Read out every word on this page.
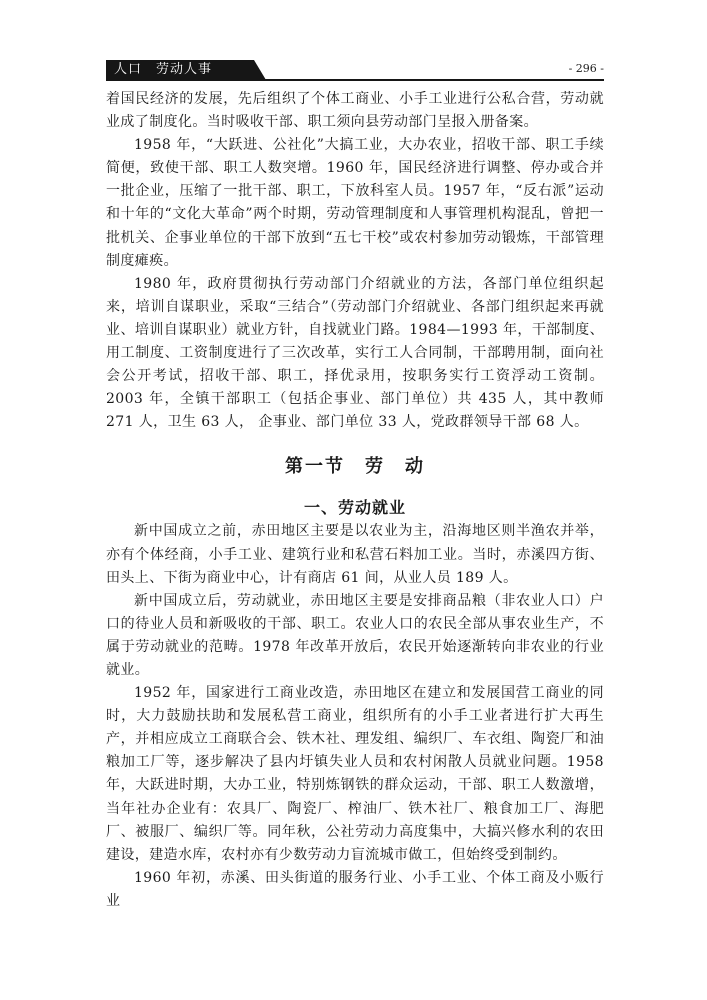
人口　劳动人事	- 296 -

着国民经济的发展，先后组织了个体工商业、小手工业进行公私合营，劳动就业成了制度化。当时吸收干部、职工须向县劳动部门呈报入册备案。

1958 年，“大跃进、公社化”大搞工业，大办农业，招收干部、职工手续简便，致使干部、职工人数突增。1960 年，国民经济进行调整、停办或合并一批企业，压缩了一批干部、职工，下放科室人员。1957 年，“反右派”运动和十年的“文化大革命”两个时期，劳动管理制度和人事管理机构混乱，曾把一批机关、企事业单位的干部下放到“五七干校”或农村参加劳动锻炼，干部管理制度瘫痪。

1980 年，政府贯彻执行劳动部门介绍就业的方法，各部门单位组织起来，培训自谋职业，采取“三结合”（劳动部门介绍就业、各部门组织起来再就业、培训自谋职业）就业方针，自找就业门路。1984—1993 年，干部制度、用工制度、工资制度进行了三次改革，实行工人合同制，干部聘用制，面向社会公开考试，招收干部、职工，择优录用，按职务实行工资浮动工资制。2003 年，全镇干部职工（包括企事业、部门单位）共 435 人，其中教师 271 人，卫生 63 人， 企事业、部门单位 33 人，党政群领导干部 68 人。

第一节　劳　动
一、劳动就业

新中国成立之前，赤田地区主要是以农业为主，沿海地区则半渔农并举，亦有个体经商，小手工业、建筑行业和私营石料加工业。当时，赤溪四方街、田头上、下街为商业中心，计有商店 61 间，从业人员 189 人。

新中国成立后，劳动就业，赤田地区主要是安排商品粮（非农业人口）户口的待业人员和新吸收的干部、职工。农业人口的农民全部从事农业生产，不属于劳动就业的范畴。1978 年改革开放后，农民开始逐渐转向非农业的行业就业。

1952 年，国家进行工商业改造，赤田地区在建立和发展国营工商业的同时，大力鼓励扶助和发展私营工商业，组织所有的小手工业者进行扩大再生产，并相应成立工商联合会、铁木社、理发组、编织厂、车衣组、陶瓷厂和油粮加工厂等，逐步解决了县内圩镇失业人员和农村闲散人员就业问题。1958 年，大跃进时期，大办工业，特别炼钢铁的群众运动，干部、职工人数激增，当年社办企业有：农具厂、陶瓷厂、榨油厂、铁木社厂、粮食加工厂、海肥厂、被服厂、编织厂等。同年秋，公社劳动力高度集中，大搞兴修水利的农田建设，建造水库，农村亦有少数劳动力盲流城市做工，但始终受到制约。

1960 年初，赤溪、田头街道的服务行业、小手工业、个体工商及小贩行业
